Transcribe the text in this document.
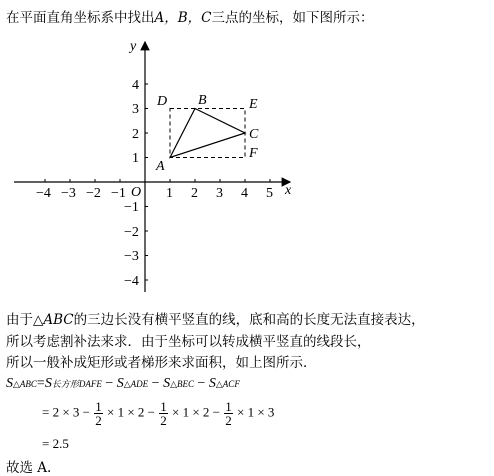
在平面直角坐标系中找出A，B，C三点的坐标，如下图所示：
x
y
O
−4 −3 −2 −1	1 2 3 4 5
4
3
2
1
−1
−2
−3
−4
A
B
C
D	E
F
由于△ABC的三边长没有横平竖直的线，底和高的长度无法直接表达，
所以考虑割补法来求．由于坐标可以转成横平竖直的线段长，
所以一般补成矩形或者梯形来求面积，如上图所示．
S△ABC=S长方形DAFE − S△ADE − S△BEC − S△ACF
= $2 \times 3 - \frac{1}{2} \times 1 \times 2 - \frac{1}{2} \times 1 \times 2 - \frac{1}{2} \times 1 \times 3$
= 2.5
故选 A.
